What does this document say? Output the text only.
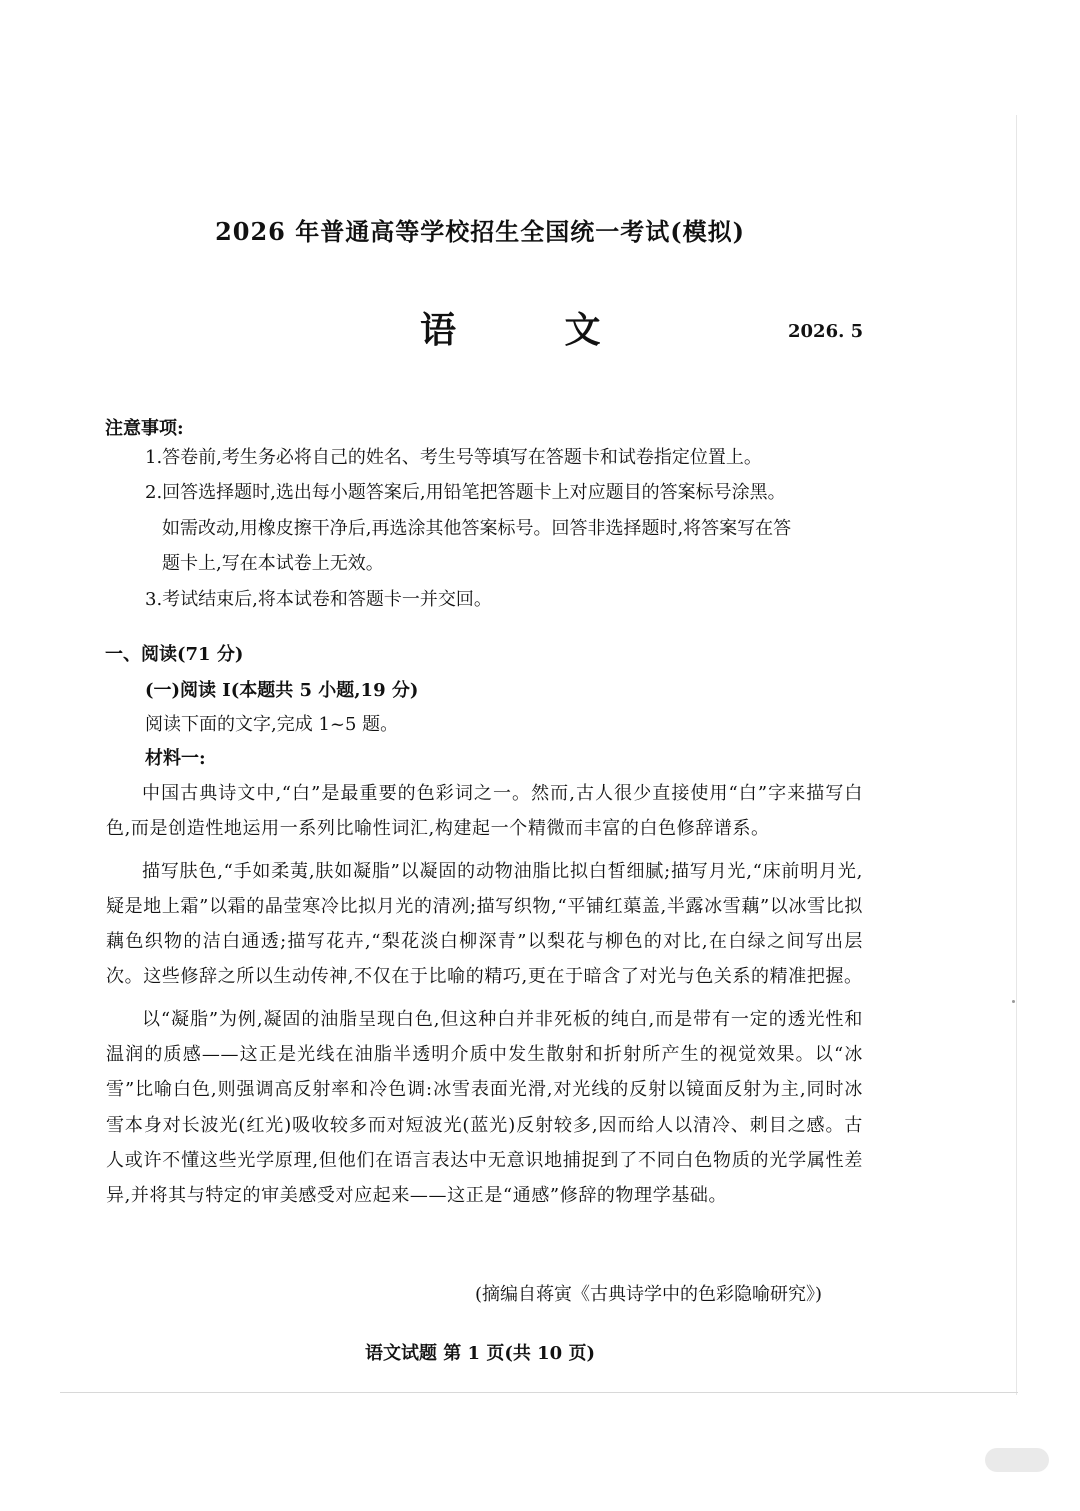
2026 年普通高等学校招生全国统一考试(模拟)
语 文	2026. 5
注意事项:

1.答卷前,考生务必将自己的姓名、考生号等填写在答题卡和试卷指定位置上。

2.回答选择题时,选出每小题答案后,用铅笔把答题卡上对应题目的答案标号涂黑。

如需改动,用橡皮擦干净后,再选涂其他答案标号。回答非选择题时,将答案写在答

题卡上,写在本试卷上无效。

3.考试结束后,将本试卷和答题卡一并交回。

一、阅读(71 分)
(一)阅读 I(本题共 5 小题,19 分)
阅读下面的文字,完成 1~5 题。
材料一:

中国古典诗文中,“白”是最重要的色彩词之一。然而,古人很少直接使用“白”字来描写白色,而是创造性地运用一系列比喻性词汇,构建起一个精微而丰富的白色修辞谱系。

描写肤色,“手如柔荑,肤如凝脂”以凝固的动物油脂比拟白皙细腻;描写月光,“床前明月光,疑是地上霜”以霜的晶莹寒冷比拟月光的清冽;描写织物,“平铺红蕖盖,半露冰雪藕”以冰雪比拟藕色织物的洁白通透;描写花卉,“梨花淡白柳深青”以梨花与柳色的对比,在白绿之间写出层次。这些修辞之所以生动传神,不仅在于比喻的精巧,更在于暗含了对光与色关系的精准把握。

以“凝脂”为例,凝固的油脂呈现白色,但这种白并非死板的纯白,而是带有一定的透光性和温润的质感——这正是光线在油脂半透明介质中发生散射和折射所产生的视觉效果。以“冰雪”比喻白色,则强调高反射率和冷色调:冰雪表面光滑,对光线的反射以镜面反射为主,同时冰雪本身对长波光(红光)吸收较多而对短波光(蓝光)反射较多,因而给人以清冷、刺目之感。古人或许不懂这些光学原理,但他们在语言表达中无意识地捕捉到了不同白色物质的光学属性差异,并将其与特定的审美感受对应起来——这正是“通感”修辞的物理学基础。

(摘编自蒋寅《古典诗学中的色彩隐喻研究》)
语文试题 第 1 页(共 10 页)
